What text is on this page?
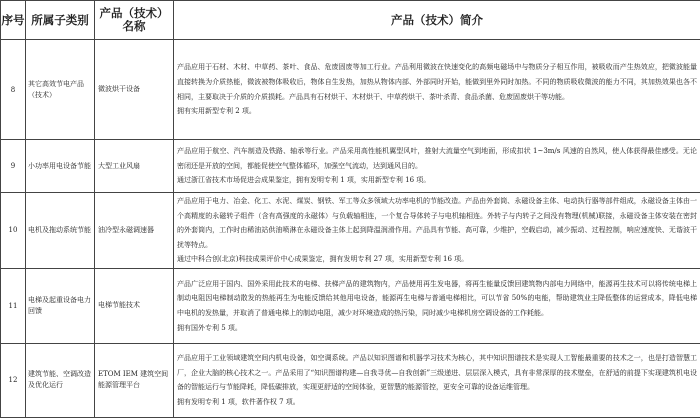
序号	所属子类别	产品（技术）名称	产品（技术）简介
8	其它高效节电产品（技术）	微波烘干设备	产品应用于石材、木材、中草药、茶叶、食品、危废固废等加工行业。产品利用微波在快速变化的高频电磁场中与物质分子相互作用，被吸收而产生热效应，把微波能量直接转换为介质热能，微波被物体吸收后，物体自生发热，加热从物体内部、外部同时开始，能做到里外同时加热。不同的物质吸收微波的能力不同，其加热效果也各不相同，主要取决于介质的介质损耗。产品具有石材烘干、木材烘干、中草药烘干、茶叶杀青、食品杀菌、危废固废烘干等功能。

拥有实用新型专利 2 项。

9	小功率用电设备节能	大型工业风扇	产品应用于航空、汽车制造及铁路、轴承等行业。产品采用高性能机翼型风叶，推射大流量空气到地面，形成扣状 1~3m/s 风速的自然风，使人体获得最佳感受。无论密闭还是开放的空间，都能促使空气整体循环，加强空气流动，达到通风目的。

通过浙江省技术市场促进会成果鉴定，拥有发明专利 1 项，实用新型专利 16 项。

10	电机及拖动系统节能	油冷型永磁调速器	产品应用于电力、冶金、化工、水泥、煤炭、钢铁、军工等众多领域大功率电机的节能改造。产品由外套筒、永磁设备主体、电动执行器等部件组成，永磁设备主体由一个高精度的永磁转子组件（含有高强度的永磁体）与负载轴相连，一个复合导体转子与电机轴相连。外转子与内转子之间没有物理(机械)联接，永磁设备主体安装在密封的外套筒内，工作时由稀油站供油喷淋在永磁设备主体上起到降温润滑作用。产品具有节能、高可靠，少维护，空载启动，减少振动、过程控制，响应速度快、无谐波干扰等特点。

通过中科合创(北京)科技成果评价中心成果鉴定，拥有发明专利 27 项，实用新型专利 16 项。

11	电梯及起重设备电力回馈	电梯节能技术	产品广泛应用于国内、国外采用此技术的电梯、扶梯产品的建筑物内，产品使用再生发电器，将再生能量反馈回建筑物内部电力网络中，能源再生技术可以将传统电梯上制动电阻因电梯制动散发的热能再生为电能反馈给其他用电设备，能源再生电梯与普通电梯相比，可以节省 50%的电能，帮助建筑业主降低整体的运营成本，降低电梯中电机的发热量，并取消了普通电梯上的制动电阻，减少对环境造成的热污染，同时减少电梯机房空调设备的工作耗能。

拥有国外专利 5 项。

12	建筑节能、空调改造及优化运行	ETOM IEM 建筑空间能源管理平台	产品应用于工业领域建筑空间内机电设备，如空调系统。产品以知识图谱和机器学习技术为核心，其中知识图谱技术是实现人工智能最重要的技术之一，也是打造智慧工厂，企业大脑的核心技术之一。产品采用了“知识图谱构建—自我寻优—自我创新”三级递进、层层深入模式，具有非常深厚的技术壁垒，在舒适的前提下实现建筑机电设备的智能运行与节能降耗，降低碳排放，实现更舒适的空间体验，更智慧的能源管控，更安全可靠的设备运维管理。

拥有发明专利 1 项，软件著作权 7 项。
